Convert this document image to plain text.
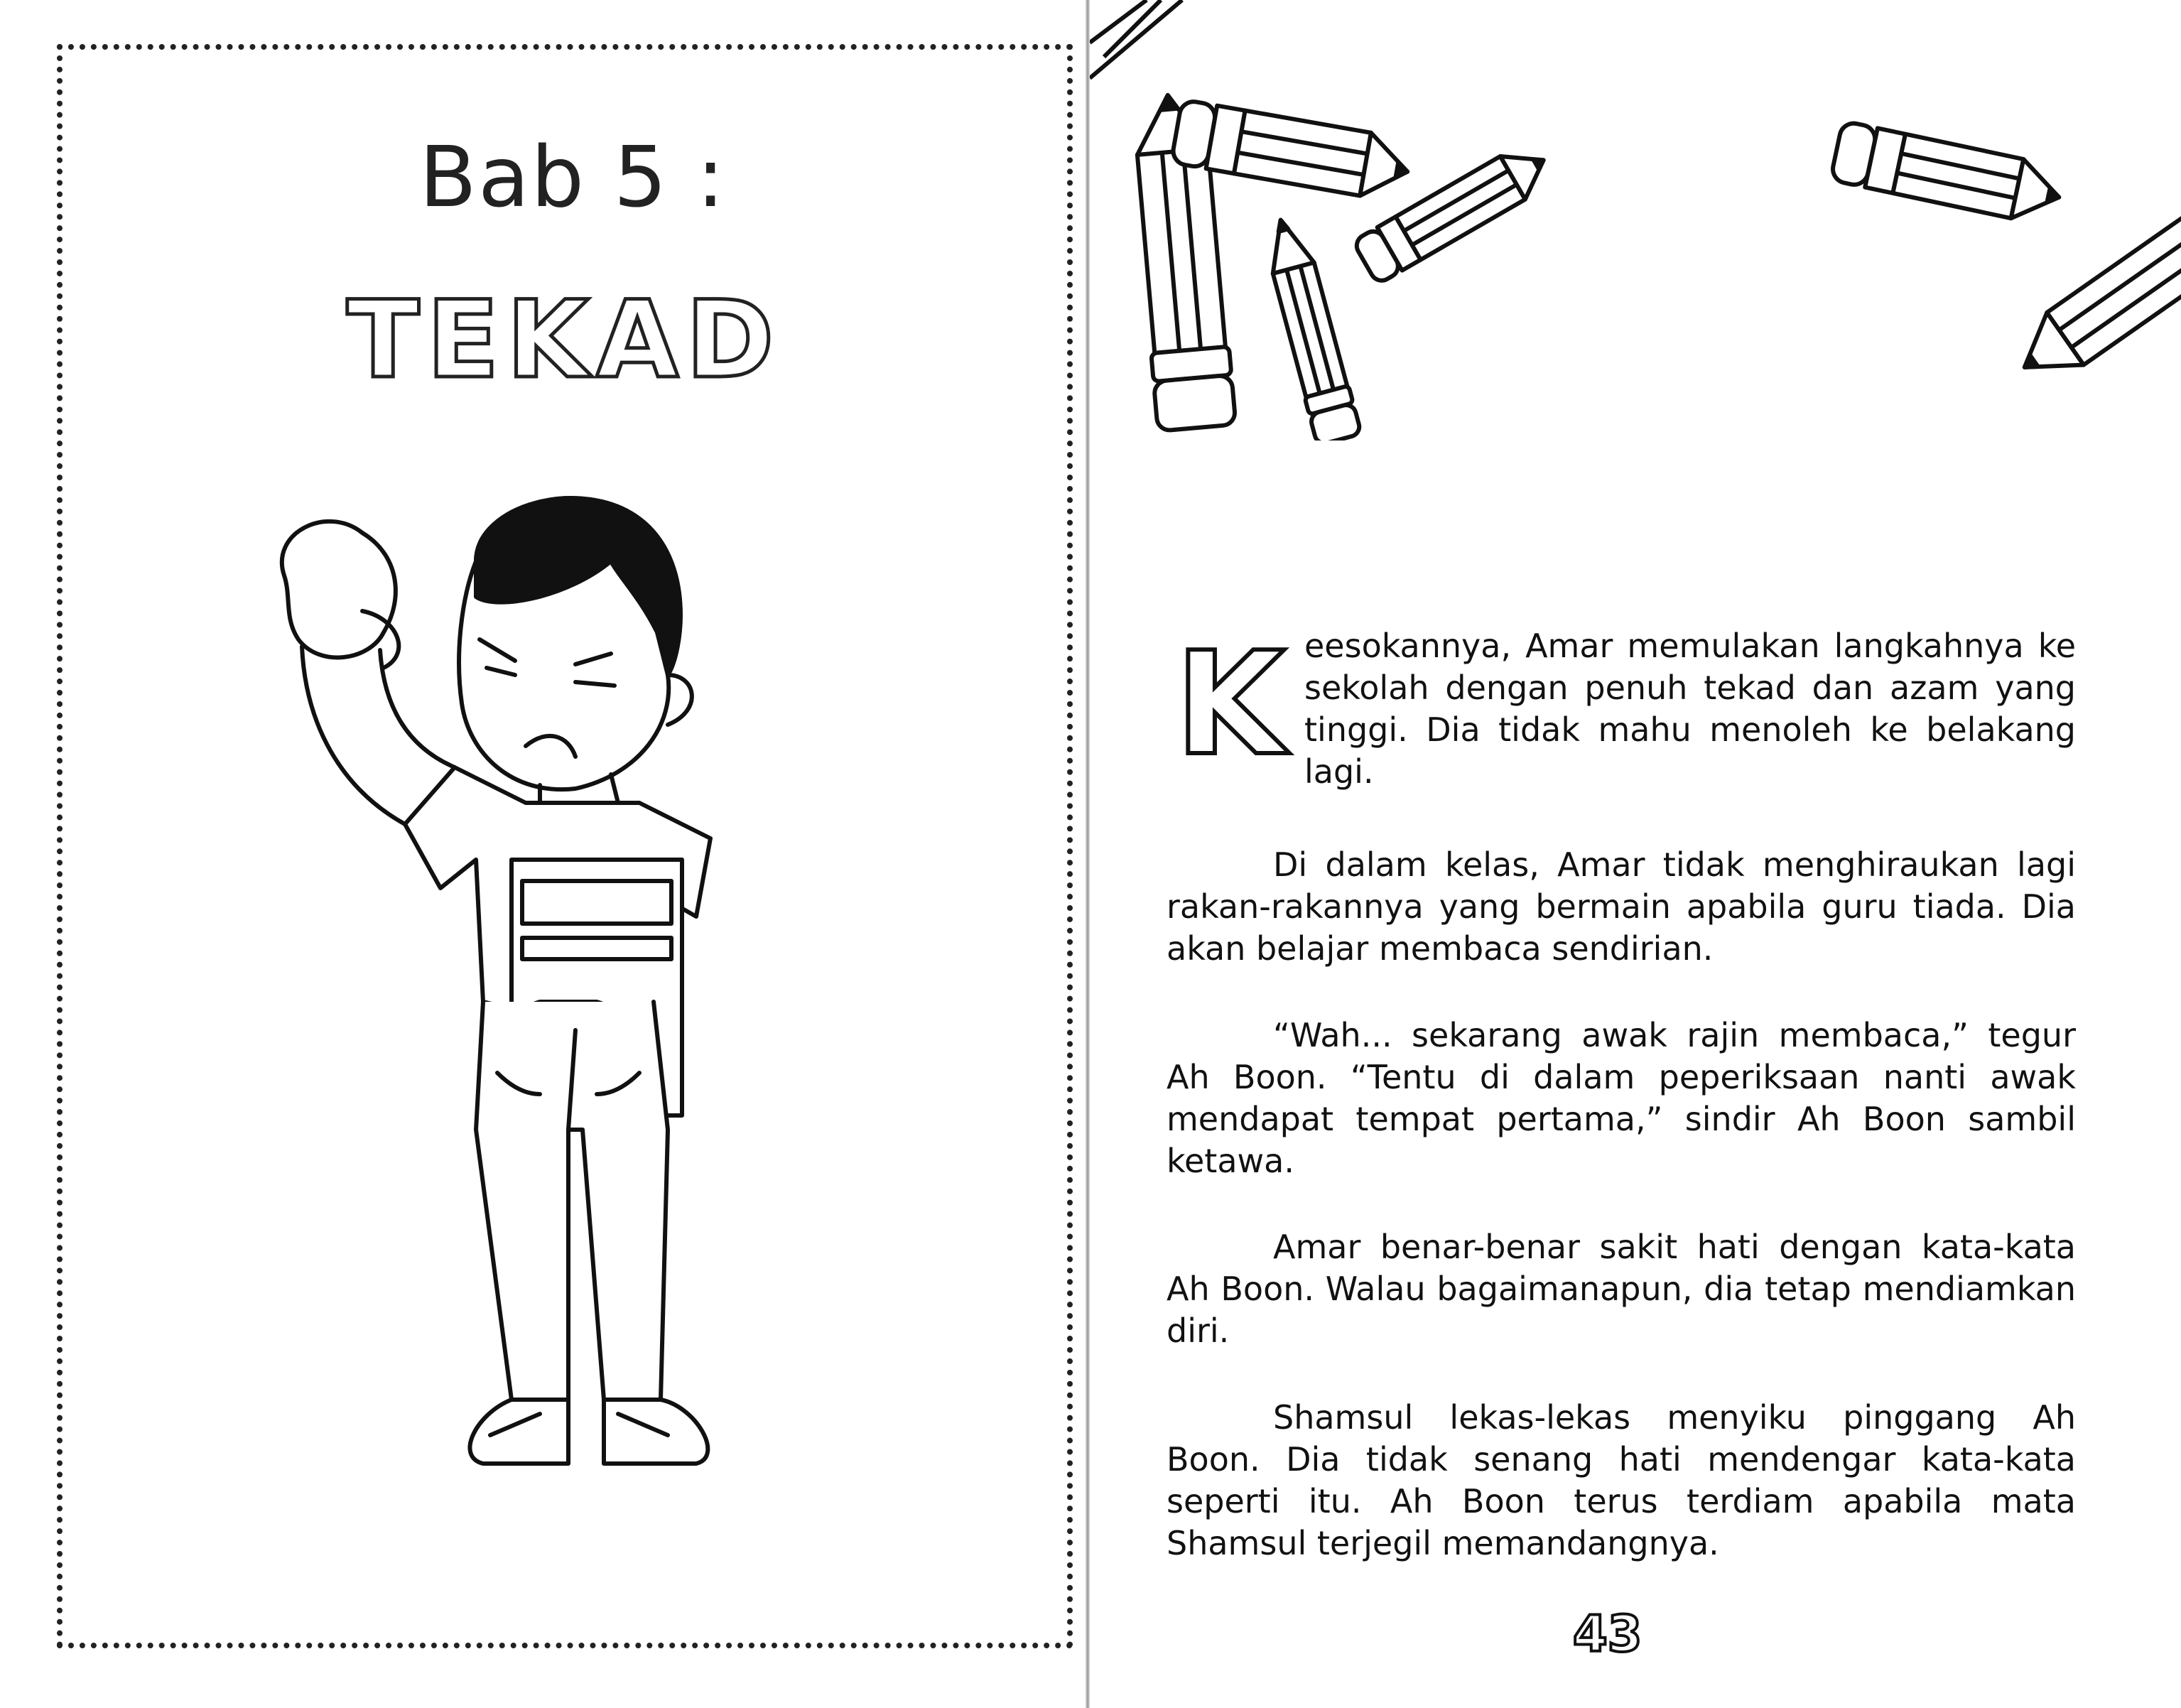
Bab 5 :
TEKAD
K eesokannya, Amar memulakan langkahnya ke sekolah dengan penuh tekad dan azam yang tinggi. Dia tidak mahu menoleh ke belakang lagi.
Di dalam kelas, Amar tidak menghiraukan lagi rakan-rakannya yang bermain apabila guru tiada. Dia akan belajar membaca sendirian.
“Wah... sekarang awak rajin membaca,” tegur Ah Boon. “Tentu di dalam peperiksaan nanti awak mendapat tempat pertama,” sindir Ah Boon sambil ketawa.
Amar benar-benar sakit hati dengan kata-kata Ah Boon. Walau bagaimanapun, dia tetap mendiamkan diri.
Shamsul lekas-lekas menyiku pinggang Ah Boon. Dia tidak senang hati mendengar kata-kata seperti itu. Ah Boon terus terdiam apabila mata Shamsul terjegil memandangnya.
43
